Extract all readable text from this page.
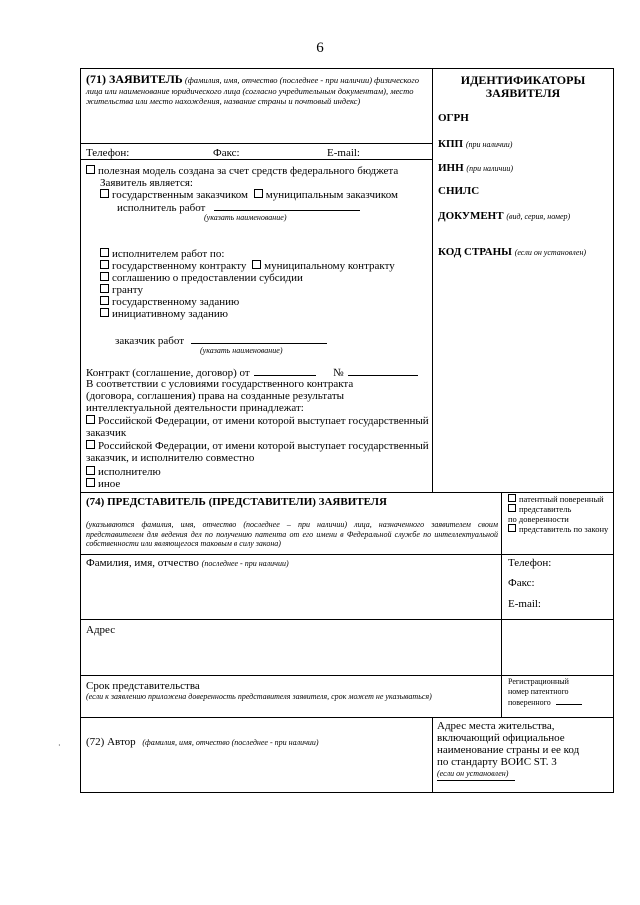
6
(71) ЗАЯВИТЕЛЬ (фамилия, имя, отчество (последнее - при наличии) физического лица или наименование юридического лица (согласно учредительным документам), место жительства или место нахождения, название страны и почтовый индекс)
Телефон:	Факс:	E-mail:
полезная модель создана за счет средств федерального бюджета
Заявитель является:
государственным заказчиком муниципальным заказчиком
исполнитель работ
(указать наименование)
исполнителем работ по:
государственному контракту муниципальному контракту
соглашению о предоставлении субсидии
гранту
государственному заданию
инициативному заданию
заказчик работ
(указать наименование)
Контракт (соглашение, договор) от	№
В соответствии с условиями государственного контракта (договора, соглашения) права на созданные результаты интеллектуальной деятельности принадлежат:
Российской Федерации, от имени которой выступает государственный заказчик
Российской Федерации, от имени которой выступает государственный заказчик, и исполнителю совместно
исполнителю
иное
ИДЕНТИФИКАТОРЫ
ЗАЯВИТЕЛЯ
ОГРН
КПП (при наличии)
ИНН (при наличии)
СНИЛС
ДОКУМЕНТ (вид, серия, номер)
КОД СТРАНЫ (если он установлен)
(74) ПРЕДСТАВИТЕЛЬ (ПРЕДСТАВИТЕЛИ) ЗАЯВИТЕЛЯ
(указываются фамилия, имя, отчество (последнее – при наличии) лица, назначенного заявителем своим представителем для ведения дел по получению патента от его имени в Федеральной службе по интеллектуальной собственности или являющегося таковым в силу закона)
патентный поверенный
представитель
по доверенности
представитель по закону
Фамилия, имя, отчество (последнее - при наличии)	Телефон:
Факс:
E-mail:
Адрес
Срок представительства
(если к заявлению приложена доверенность представителя заявителя, срок может не указываться)
Регистрационный
номер патентного
поверенного
(72) Автор (фамилия, имя, отчество (последнее - при наличии)
Адрес места жительства,
включающий официальное
наименование страны и ее код
по стандарту ВОИС ST. 3
(если он установлен)
·
